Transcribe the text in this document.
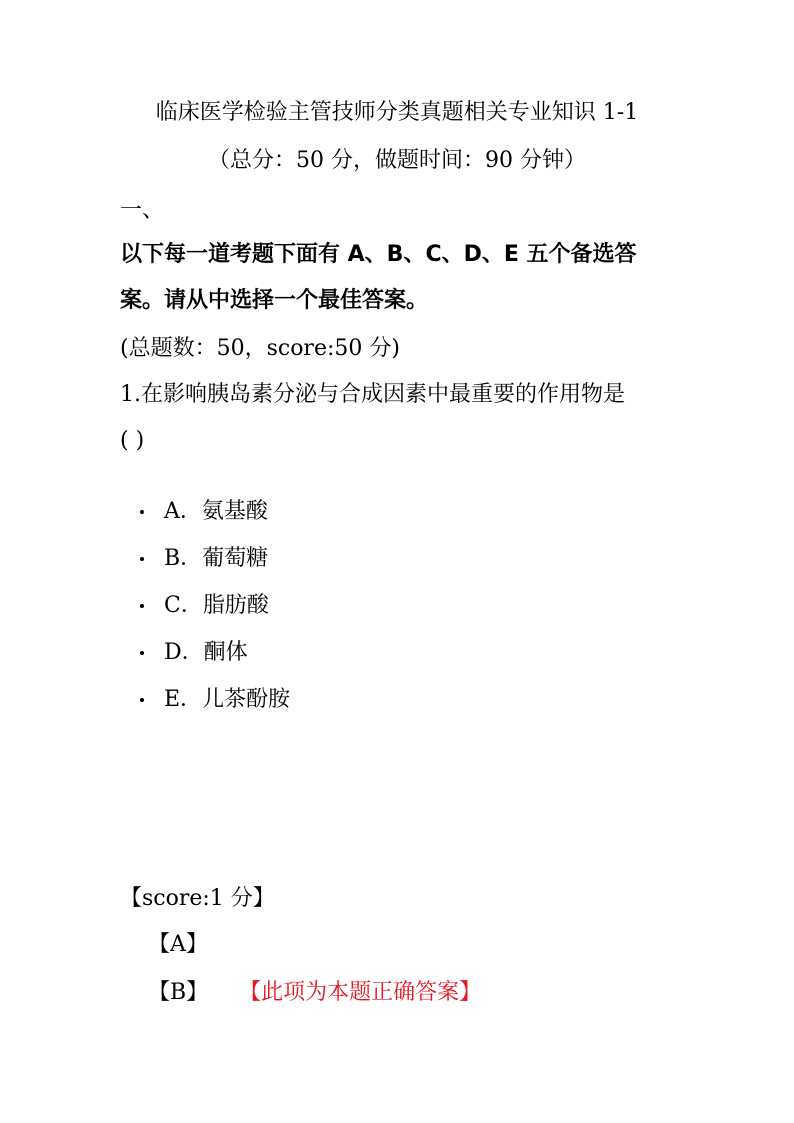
临床医学检验主管技师分类真题相关专业知识 1-1
（总分：50 分，做题时间：90 分钟）
一、
以下每一道考题下面有 A、B、C、D、E 五个备选答
案。请从中选择一个最佳答案。
(总题数：50，score:50 分)
1.在影响胰岛素分泌与合成因素中最重要的作用物是
( )
A．氨基酸
B．葡萄糖
C．脂肪酸
D．酮体
E．儿茶酚胺
【score:1 分】
【A】
【B】 【此项为本题正确答案】
